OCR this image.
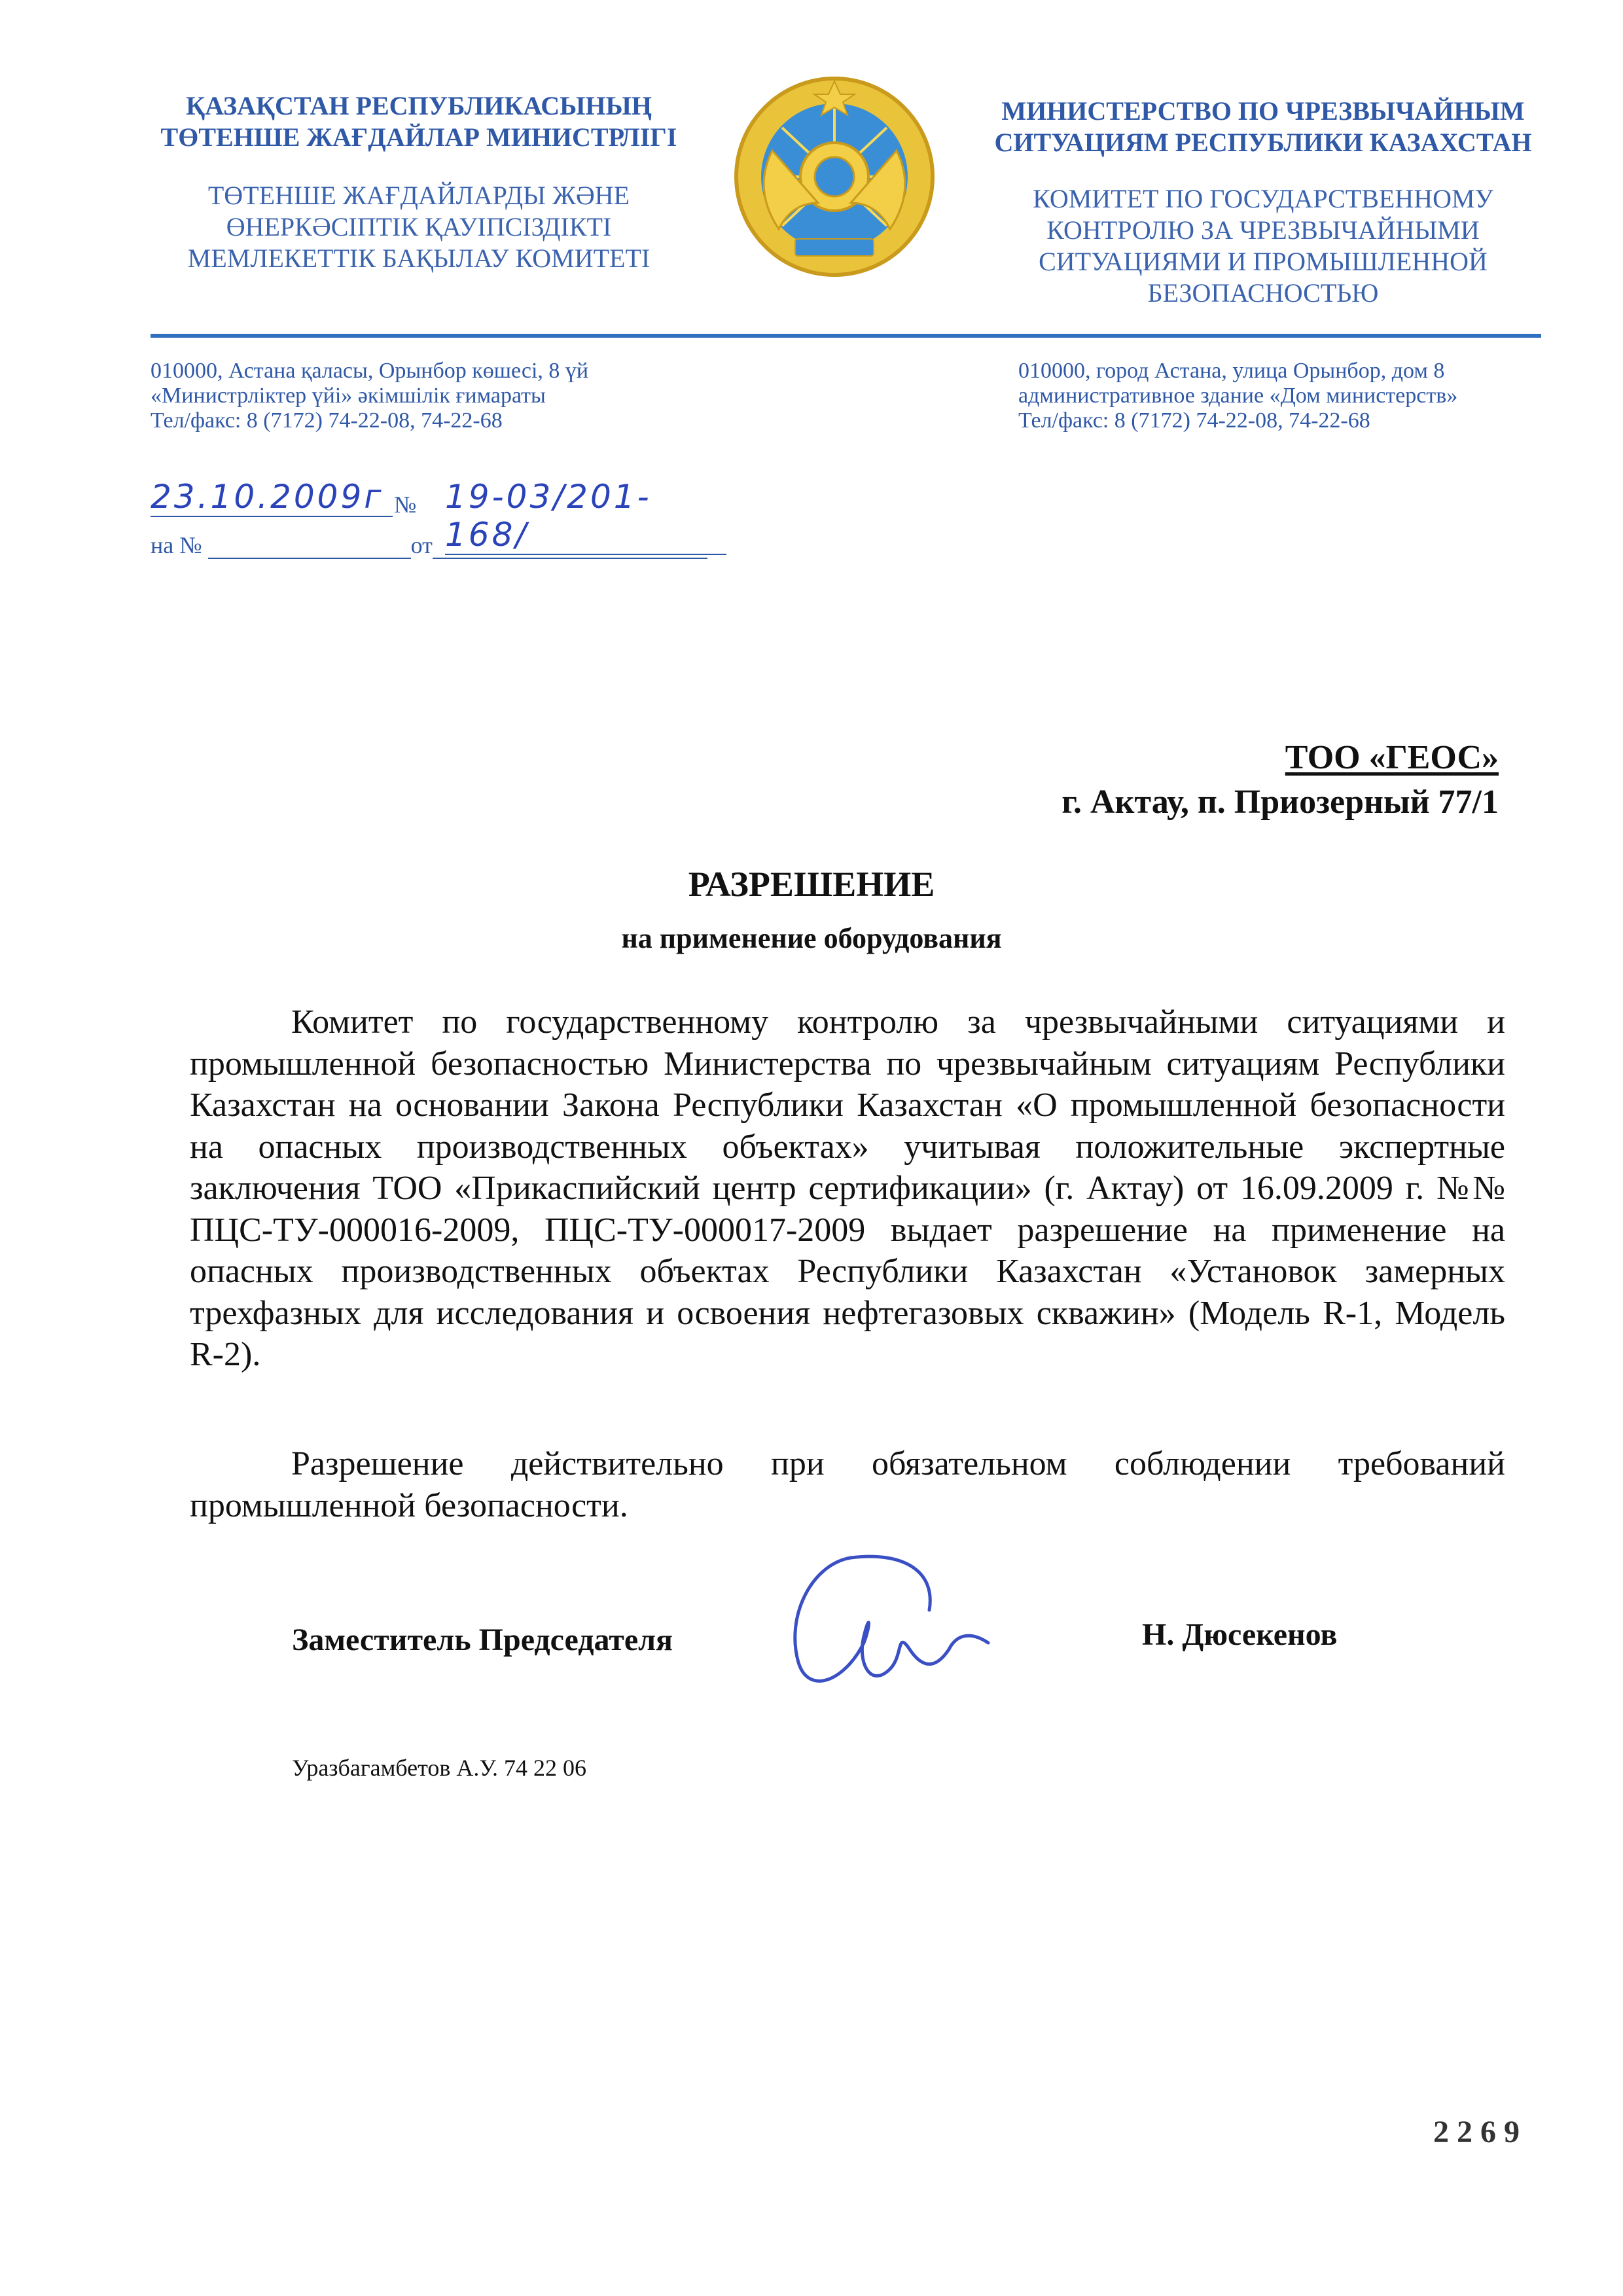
ҚАЗАҚСТАН РЕСПУБЛИКАСЫНЫҢ ТӨТЕНШЕ ЖАҒДАЙЛАР МИНИСТРЛІГІ
ТӨТЕНШЕ ЖАҒДАЙЛАРДЫ ЖӘНЕ ӨНЕРКӘСІПТІК ҚАУІПСІЗДІКТІ МЕМЛЕКЕТТІК БАҚЫЛАУ КОМИТЕТІ
МИНИСТЕРСТВО ПО ЧРЕЗВЫЧАЙНЫМ СИТУАЦИЯМ РЕСПУБЛИКИ КАЗАХСТАН
КОМИТЕТ ПО ГОСУДАРСТВЕННОМУ КОНТРОЛЮ ЗА ЧРЕЗВЫЧАЙНЫМИ СИТУАЦИЯМИ И ПРОМЫШЛЕННОЙ БЕЗОПАСНОСТЬЮ
010000, Астана қаласы, Орынбор көшесі, 8 үй
«Министрліктер үйі» әкімшілік ғимараты
Тел/факс: 8 (7172) 74-22-08, 74-22-68
010000, город Астана, улица Орынбор, дом 8
административное здание «Дом министерств»
Тел/факс: 8 (7172) 74-22-08, 74-22-68
23.10.2009г № 19-03/201-168/
на №	от
ТОО «ГЕОС»
г. Актау, п. Приозерный 77/1
РАЗРЕШЕНИЕ
на применение оборудования
Комитет по государственному контролю за чрезвычайными ситуациями и промышленной безопасностью Министерства по чрезвычайным ситуациям Республики Казахстан на основании Закона Республики Казахстан «О промышленной безопасности на опасных производственных объектах» учитывая положительные экспертные заключения ТОО «Прикаспийский центр сертификации» (г. Актау) от 16.09.2009 г. №№ ПЦС-ТУ-000016-2009, ПЦС-ТУ-000017-2009 выдает разрешение на применение на опасных производственных объектах Республики Казахстан «Установок замерных трехфазных для исследования и освоения нефтегазовых скважин» (Модель R-1, Модель R-2).
Разрешение действительно при обязательном соблюдении требований промышленной безопасности.
Заместитель Председателя	Н. Дюсекенов
Уразбагамбетов А.У. 74 22 06
2269
